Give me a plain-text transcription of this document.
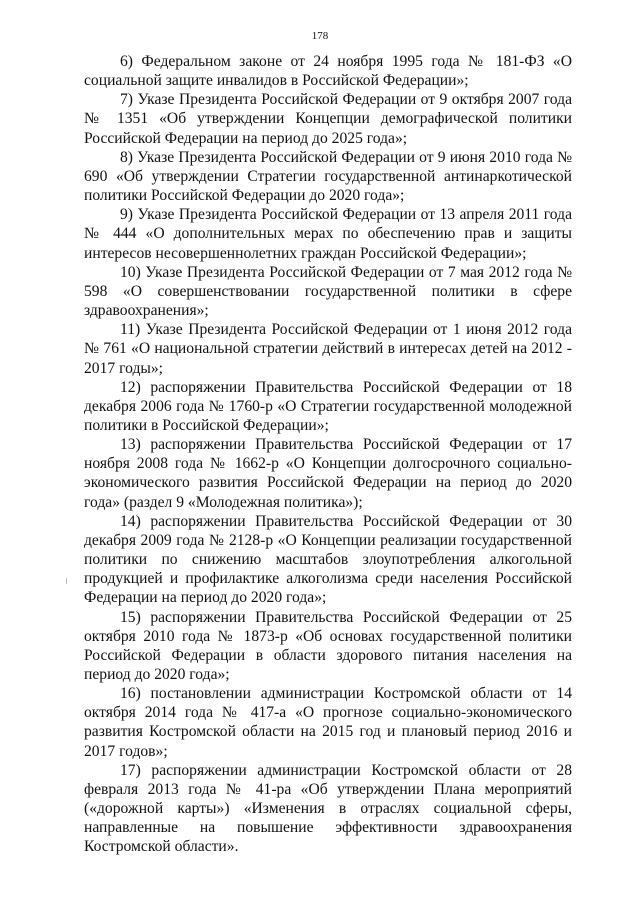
178

6) Федеральном законе от 24 ноября 1995 года № 181-ФЗ «О социальной защите инвалидов в Российской Федерации»;

7) Указе Президента Российской Федерации от 9 октября 2007 года № 1351 «Об утверждении Концепции демографической политики Российской Федерации на период до 2025 года»;

8) Указе Президента Российской Федерации от 9 июня 2010 года № 690 «Об утверждении Стратегии государственной антинаркотической политики Российской Федерации до 2020 года»;

9) Указе Президента Российской Федерации от 13 апреля 2011 года № 444 «О дополнительных мерах по обеспечению прав и защиты интересов несовершеннолетних граждан Российской Федерации»;

10) Указе Президента Российской Федерации от 7 мая 2012 года № 598 «О совершенствовании государственной политики в сфере здравоохранения»;

11) Указе Президента Российской Федерации от 1 июня 2012 года № 761 «О национальной стратегии действий в интересах детей на 2012 - 2017 годы»;

12) распоряжении Правительства Российской Федерации от 18 декабря 2006 года № 1760-р «О Стратегии государственной молодежной политики в Российской Федерации»;

13) распоряжении Правительства Российской Федерации от 17 ноября 2008 года № 1662-р «О Концепции долгосрочного социально-экономического развития Российской Федерации на период до 2020 года» (раздел 9 «Молодежная политика»);

14) распоряжении Правительства Российской Федерации от 30 декабря 2009 года № 2128-р «О Концепции реализации государственной политики по снижению масштабов злоупотребления алкогольной продукцией и профилактике алкоголизма среди населения Российской Федерации на период до 2020 года»;

15) распоряжении Правительства Российской Федерации от 25 октября 2010 года № 1873-р «Об основах государственной политики Российской Федерации в области здорового питания населения на период до 2020 года»;

16) постановлении администрации Костромской области от 14 октября 2014 года № 417-а «О прогнозе социально-экономического развития Костромской области на 2015 год и плановый период 2016 и 2017 годов»;

17) распоряжении администрации Костромской области от 28 февраля 2013 года № 41-ра «Об утверждении Плана мероприятий («дорожной карты») «Изменения в отраслях социальной сферы, направленные на повышение эффективности здравоохранения Костромской области».
